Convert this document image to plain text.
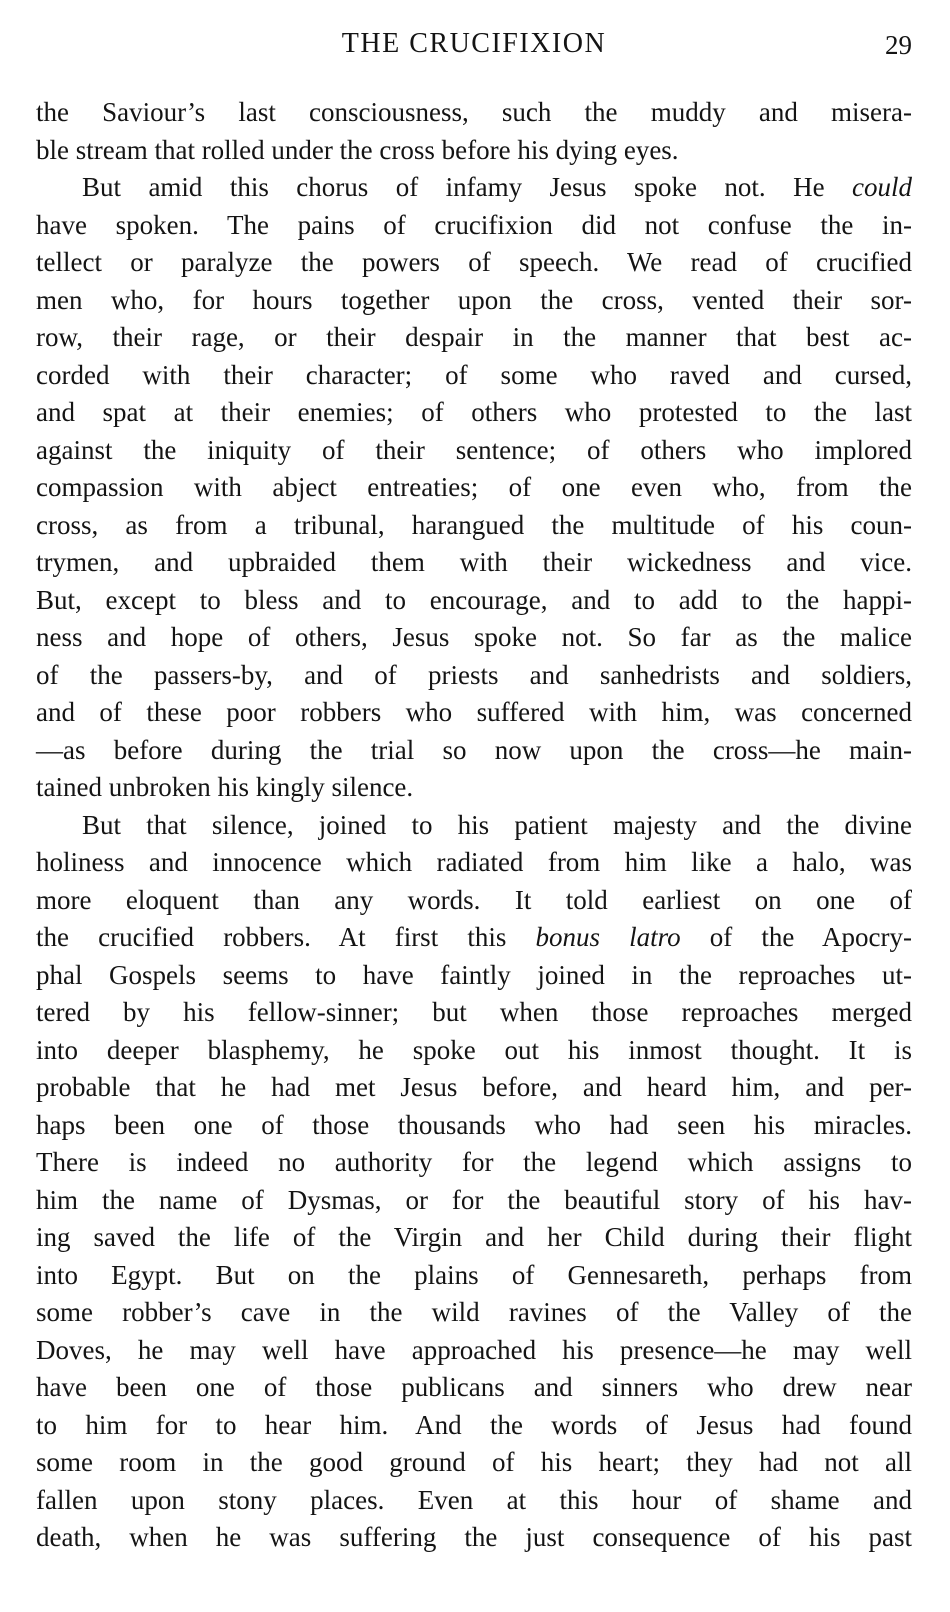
THE CRUCIFIXION	29
the Saviour’s last consciousness, such the muddy and misera-
ble stream that rolled under the cross before his dying eyes.
But amid this chorus of infamy Jesus spoke not. He could
have spoken. The pains of crucifixion did not confuse the in-
tellect or paralyze the powers of speech. We read of crucified
men who, for hours together upon the cross, vented their sor-
row, their rage, or their despair in the manner that best ac-
corded with their character; of some who raved and cursed,
and spat at their enemies; of others who protested to the last
against the iniquity of their sentence; of others who implored
compassion with abject entreaties; of one even who, from the
cross, as from a tribunal, harangued the multitude of his coun-
trymen, and upbraided them with their wickedness and vice.
But, except to bless and to encourage, and to add to the happi-
ness and hope of others, Jesus spoke not. So far as the malice
of the passers-by, and of priests and sanhedrists and soldiers,
and of these poor robbers who suffered with him, was concerned
—as before during the trial so now upon the cross—he main-
tained unbroken his kingly silence.
But that silence, joined to his patient majesty and the divine
holiness and innocence which radiated from him like a halo, was
more eloquent than any words. It told earliest on one of
the crucified robbers. At first this bonus latro of the Apocry-
phal Gospels seems to have faintly joined in the reproaches ut-
tered by his fellow-sinner; but when those reproaches merged
into deeper blasphemy, he spoke out his inmost thought. It is
probable that he had met Jesus before, and heard him, and per-
haps been one of those thousands who had seen his miracles.
There is indeed no authority for the legend which assigns to
him the name of Dysmas, or for the beautiful story of his hav-
ing saved the life of the Virgin and her Child during their flight
into Egypt. But on the plains of Gennesareth, perhaps from
some robber’s cave in the wild ravines of the Valley of the
Doves, he may well have approached his presence—he may well
have been one of those publicans and sinners who drew near
to him for to hear him. And the words of Jesus had found
some room in the good ground of his heart; they had not all
fallen upon stony places. Even at this hour of shame and
death, when he was suffering the just consequence of his past
